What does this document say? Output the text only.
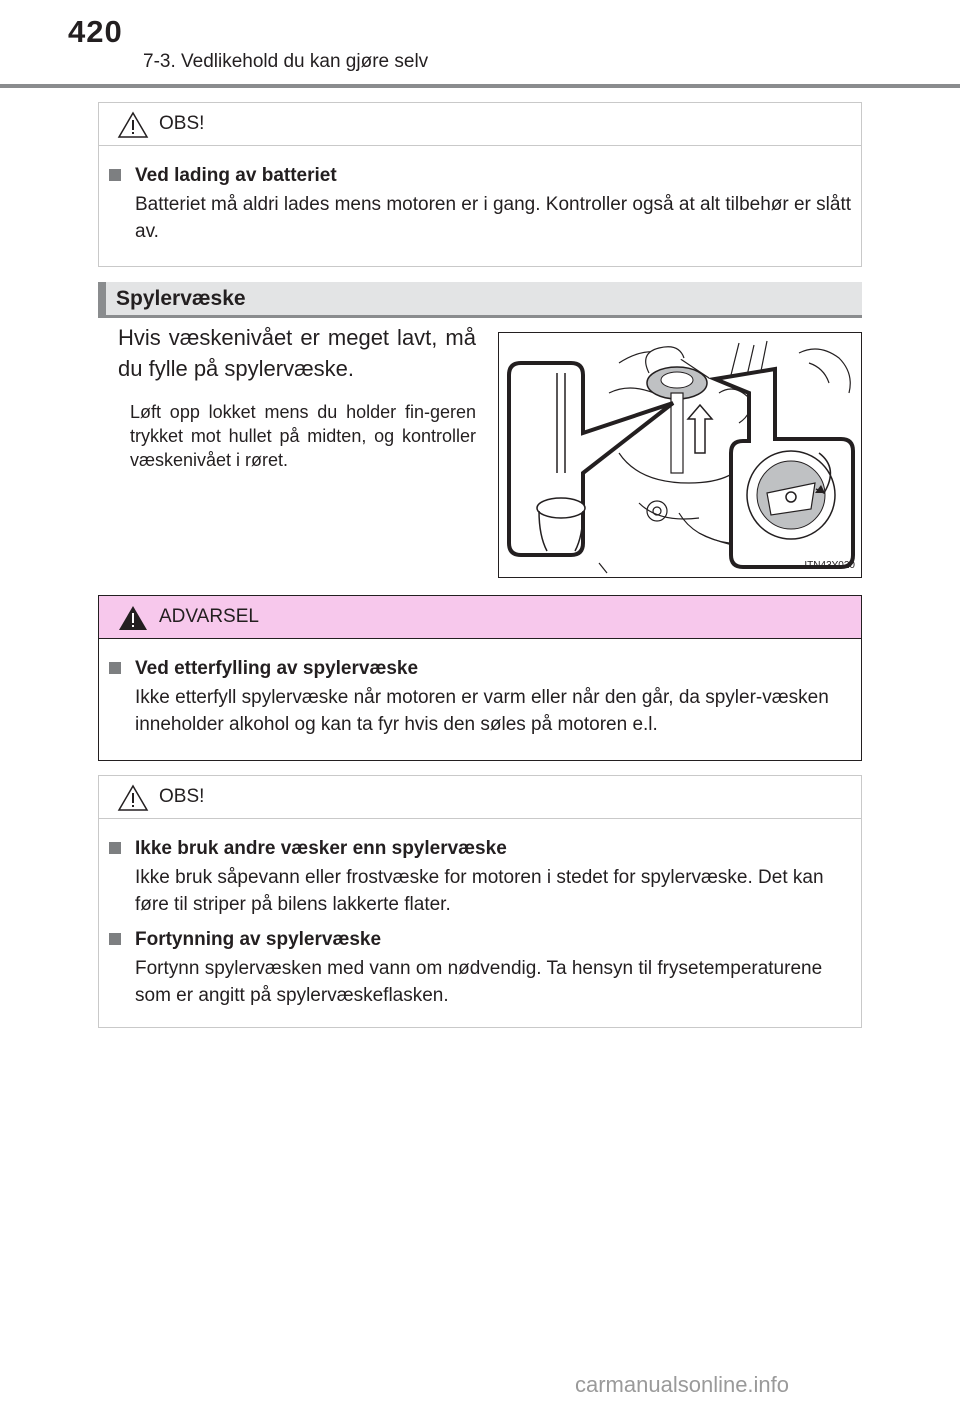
420
7-3. Vedlikehold du kan gjøre selv
OBS!
Ved lading av batteriet
Batteriet må aldri lades mens motoren er i gang. Kontroller også at alt tilbehør er slått av.
Spylervæske
Hvis væskenivået er meget lavt, må du fylle på spylervæske.
Løft opp lokket mens du holder fin-geren trykket mot hullet på midten, og kontroller væskenivået i røret.
ITN43Y020
ADVARSEL
Ved etterfylling av spylervæske
Ikke etterfyll spylervæske når motoren er varm eller når den går, da spyler-væsken inneholder alkohol og kan ta fyr hvis den søles på motoren e.l.
OBS!
Ikke bruk andre væsker enn spylervæske
Ikke bruk såpevann eller frostvæske for motoren i stedet for spylervæske. Det kan føre til striper på bilens lakkerte flater.
Fortynning av spylervæske
Fortynn spylervæsken med vann om nødvendig. Ta hensyn til frysetemperaturene som er angitt på spylervæskeflasken.
carmanualsonline.info
